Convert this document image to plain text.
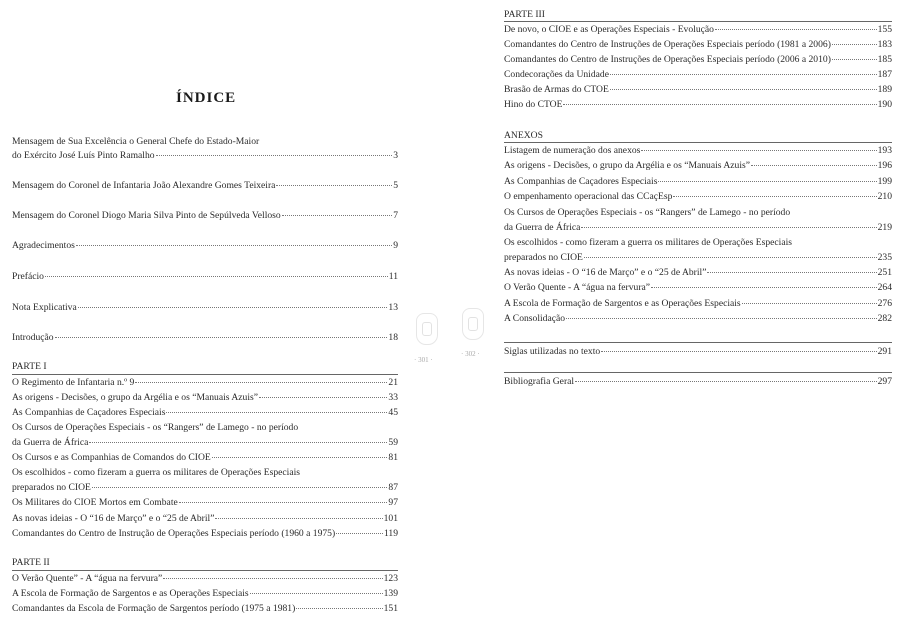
ÍNDICE
Mensagem de Sua Excelência o General Chefe do Estado-Maior
do Exército José Luís Pinto Ramalho	3
Mensagem do Coronel de Infantaria João Alexandre Gomes Teixeira	5
Mensagem do Coronel Diogo Maria Silva Pinto de Sepúlveda Velloso	7
Agradecimentos	9
Prefácio	11
Nota Explicativa	13
Introdução	18
PARTE I
O Regimento de Infantaria n.º 9	21
As origens - Decisões, o grupo da Argélia e os “Manuais Azuis”	33
As Companhias de Caçadores Especiais	45
Os Cursos de Operações Especiais - os “Rangers” de Lamego - no período
da Guerra de África	59
Os Cursos e as Companhias de Comandos do CIOE	81
Os escolhidos - como fizeram a guerra os militares de Operações Especiais
preparados no CIOE	87
Os Militares do CIOE Mortos em Combate	97
As novas ideias - O “16 de Março” e o “25 de Abril”	101
Comandantes do Centro de Instrução de Operações Especiais período (1960 a 1975)	119
PARTE II
O Verão Quente” - A “água na fervura”	123
A Escola de Formação de Sargentos e as Operações Especiais	139
Comandantes da Escola de Formação de Sargentos período (1975 a 1981)	151
· 301 ·
· 302 ·
PARTE III
De novo, o CIOE e as Operações Especiais - Evolução	155
Comandantes do Centro de Instruções de Operações Especiais período (1981 a 2006)	183
Comandantes do Centro de Instruções de Operações Especiais período (2006 a 2010)	185
Condecorações da Unidade	187
Brasão de Armas do CTOE	189
Hino do CTOE	190
ANEXOS
Listagem de numeração dos anexos	193
As origens - Decisões, o grupo da Argélia e os “Manuais Azuis”	196
As Companhias de Caçadores Especiais	199
O empenhamento operacional das CCaçEsp	210
Os Cursos de Operações Especiais - os “Rangers” de Lamego - no período
da Guerra de África	219
Os escolhidos - como fizeram a guerra os militares de Operações Especiais
preparados no CIOE	235
As novas ideias - O “16 de Março” e o “25 de Abril”	251
O Verão Quente - A “água na fervura”	264
A Escola de Formação de Sargentos e as Operações Especiais	276
A Consolidação	282
Siglas utilizadas no texto	291
Bibliografia Geral	297
